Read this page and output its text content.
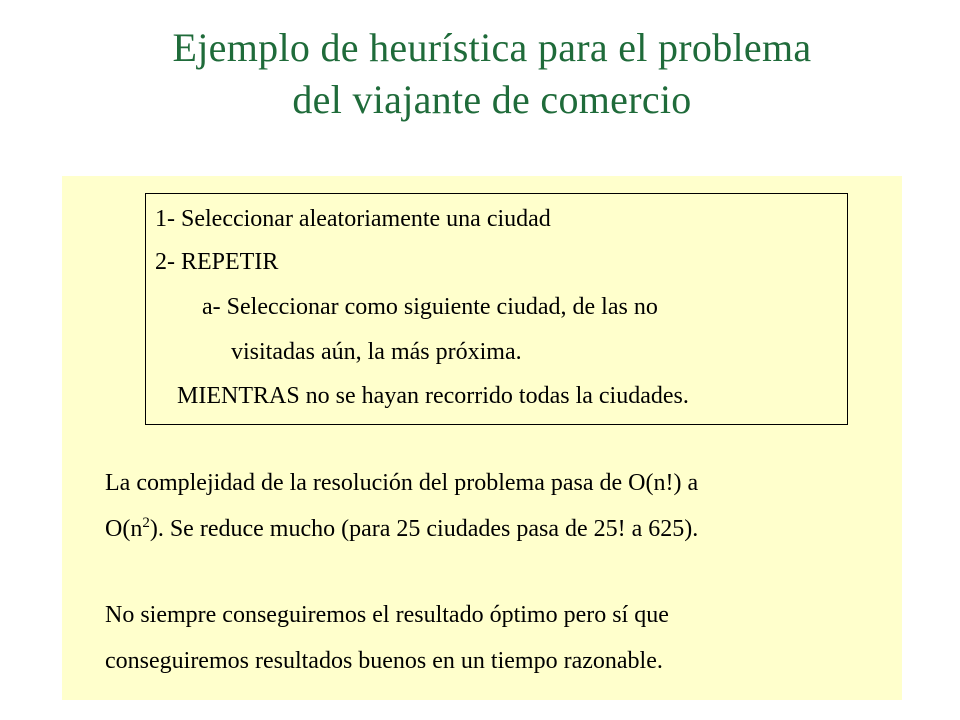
Ejemplo de heurística para el problema
del viajante de comercio
1- Seleccionar aleatoriamente una ciudad
2- REPETIR
a- Seleccionar como siguiente ciudad, de las no
visitadas aún, la más próxima.
MIENTRAS no se hayan recorrido todas la ciudades.
La complejidad de la resolución del problema pasa de O(n!) a
$O(n^2)$. Se reduce mucho (para 25 ciudades pasa de 25! a 625).
No siempre conseguiremos el resultado óptimo pero sí que
conseguiremos resultados buenos en un tiempo razonable.
